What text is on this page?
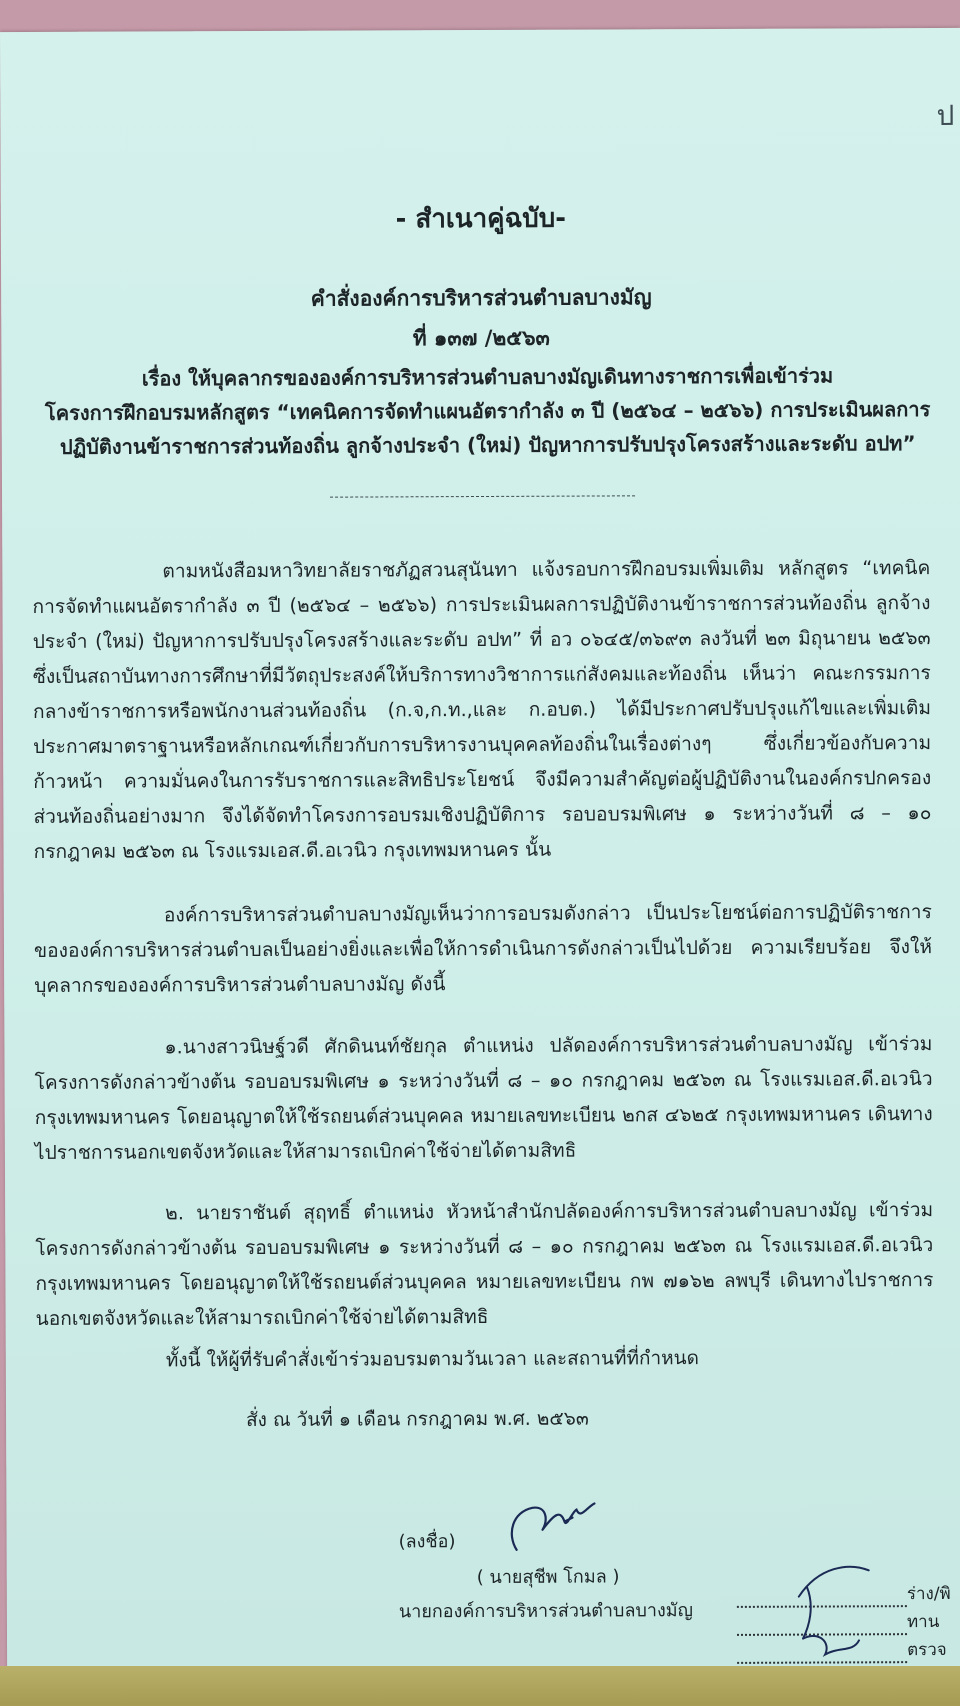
ป
- สำเนาคู่ฉบับ-
คำสั่งองค์การบริหารส่วนตำบลบางมัญ
ที่ ๑๓๗ /๒๕๖๓
เรื่อง ให้บุคลากรขององค์การบริหารส่วนตำบลบางมัญเดินทางราชการเพื่อเข้าร่วม
โครงการฝึกอบรมหลักสูตร “เทคนิคการจัดทำแผนอัตรากำลัง ๓ ปี (๒๕๖๔ – ๒๕๖๖) การประเมินผลการ
ปฏิบัติงานข้าราชการส่วนท้องถิ่น ลูกจ้างประจำ (ใหม่) ปัญหาการปรับปรุงโครงสร้างและระดับ อปท”
ตามหนังสือมหาวิทยาลัยราชภัฏสวนสุนันทา แจ้งรอบการฝึกอบรมเพิ่มเติม หลักสูตร “เทคนิคการจัดทำแผนอัตรากำลัง ๓ ปี (๒๕๖๔ – ๒๕๖๖) การประเมินผลการปฏิบัติงานข้าราชการส่วนท้องถิ่น ลูกจ้างประจำ (ใหม่) ปัญหาการปรับปรุงโครงสร้างและระดับ อปท” ที่ อว ๐๖๔๕/๓๖๙๓ ลงวันที่ ๒๓ มิถุนายน ๒๕๖๓ ซึ่งเป็นสถาบันทางการศึกษาที่มีวัตถุประสงค์ให้บริการทางวิชาการแก่สังคมและท้องถิ่น เห็นว่า คณะกรรมการกลางข้าราชการหรือพนักงานส่วนท้องถิ่น (ก.จ,ก.ท.,และ ก.อบต.) ได้มีประกาศปรับปรุงแก้ไขและเพิ่มเติมประกาศมาตราฐานหรือหลักเกณฑ์เกี่ยวกับการบริหารงานบุคคลท้องถิ่นในเรื่องต่างๆ ซึ่งเกี่ยวข้องกับความก้าวหน้า ความมั่นคงในการรับราชการและสิทธิประโยชน์ จึงมีความสำคัญต่อผู้ปฏิบัติงานในองค์กรปกครองส่วนท้องถิ่นอย่างมาก จึงได้จัดทำโครงการอบรมเชิงปฏิบัติการ รอบอบรมพิเศษ ๑ ระหว่างวันที่ ๘ – ๑๐ กรกฎาคม ๒๕๖๓ ณ โรงแรมเอส.ดี.อเวนิว กรุงเทพมหานคร นั้น
องค์การบริหารส่วนตำบลบางมัญเห็นว่าการอบรมดังกล่าว เป็นประโยชน์ต่อการปฏิบัติราชการขององค์การบริหารส่วนตำบลเป็นอย่างยิ่งและเพื่อให้การดำเนินการดังกล่าวเป็นไปด้วย ความเรียบร้อย จึงให้บุคลากรขององค์การบริหารส่วนตำบลบางมัญ ดังนี้
๑.นางสาวนิษฐ์วดี ศักดินนท์ชัยกุล ตำแหน่ง ปลัดองค์การบริหารส่วนตำบลบางมัญ เข้าร่วมโครงการดังกล่าวข้างต้น รอบอบรมพิเศษ ๑ ระหว่างวันที่ ๘ – ๑๐ กรกฎาคม ๒๕๖๓ ณ โรงแรมเอส.ดี.อเวนิว กรุงเทพมหานคร โดยอนุญาตให้ใช้รถยนต์ส่วนบุคคล หมายเลขทะเบียน ๒กส ๔๖๒๕ กรุงเทพมหานคร เดินทางไปราชการนอกเขตจังหวัดและให้สามารถเบิกค่าใช้จ่ายได้ตามสิทธิ
๒. นายราชันต์ สุฤทธิ์ ตำแหน่ง หัวหน้าสำนักปลัดองค์การบริหารส่วนตำบลบางมัญ เข้าร่วมโครงการดังกล่าวข้างต้น รอบอบรมพิเศษ ๑ ระหว่างวันที่ ๘ – ๑๐ กรกฎาคม ๒๕๖๓ ณ โรงแรมเอส.ดี.อเวนิว กรุงเทพมหานคร โดยอนุญาตให้ใช้รถยนต์ส่วนบุคคล หมายเลขทะเบียน กพ ๗๑๖๒ ลพบุรี เดินทางไปราชการนอกเขตจังหวัดและให้สามารถเบิกค่าใช้จ่ายได้ตามสิทธิ
ทั้งนี้ ให้ผู้ที่รับคำสั่งเข้าร่วมอบรมตามวันเวลา และสถานที่ที่กำหนด
สั่ง ณ วันที่ ๑ เดือน กรกฎาคม พ.ศ. ๒๕๖๓
(ลงชื่อ)
( นายสุชีพ โกมล )
นายกองค์การบริหารส่วนตำบลบางมัญ
ร่าง/พิ
ทาน
ตรวจ
